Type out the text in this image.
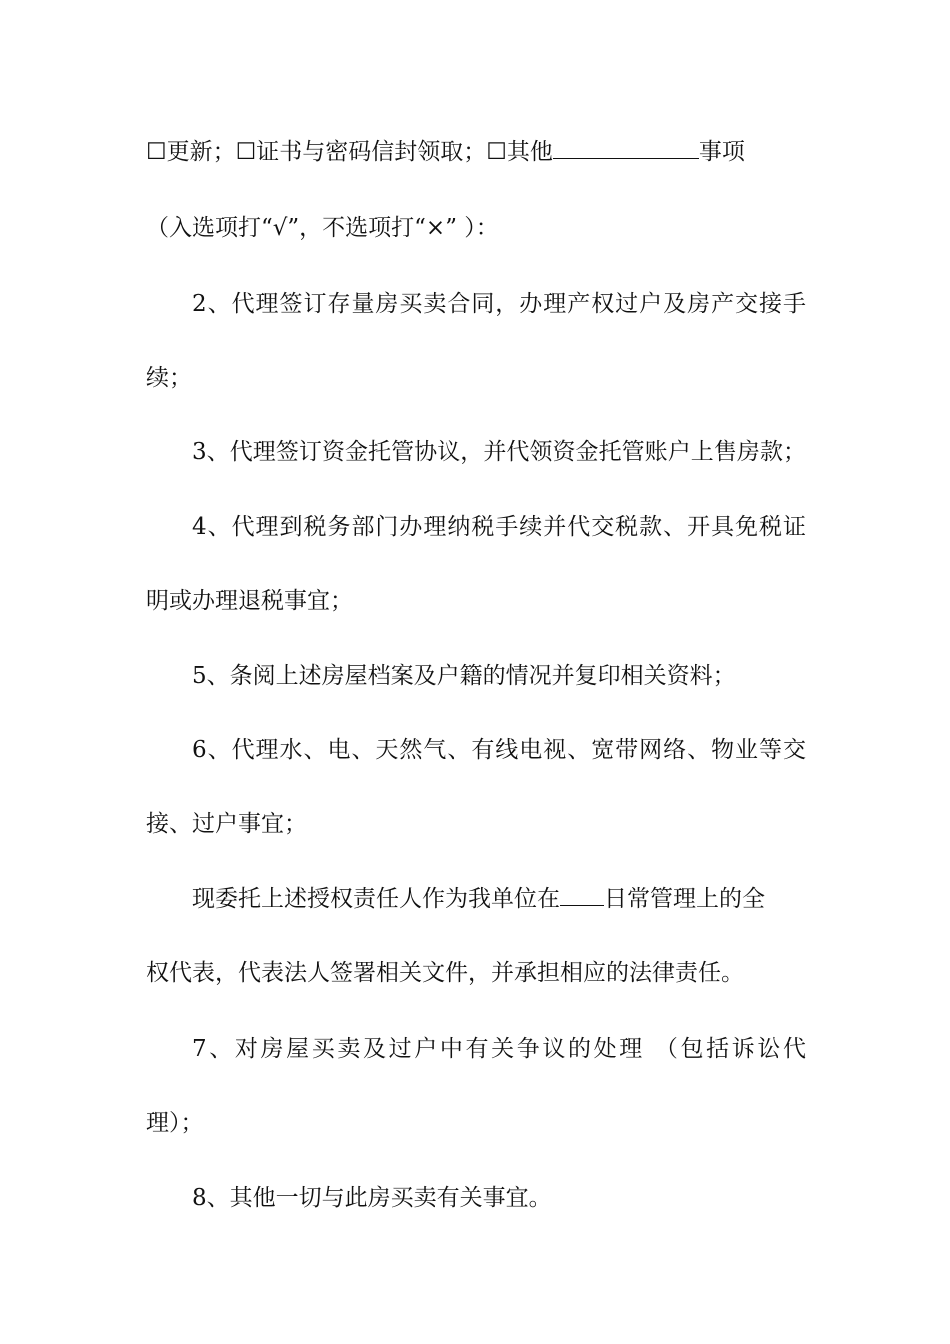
☐更新；☐证书与密码信封领取；☐其他	事项
（入选项打“√”，不选项打“×” ）：
2、代理签订存量房买卖合同，办理产权过户及房产交接手
续；
3、代理签订资金托管协议，并代领资金托管账户上售房款；
4、代理到税务部门办理纳税手续并代交税款、开具免税证
明或办理退税事宜；
5、条阅上述房屋档案及户籍的情况并复印相关资料；
6、代理水、电、天然气、有线电视、宽带网络、物业等交
接、过户事宜；
现委托上述授权责任人作为我单位在 日常管理上的全
权代表，代表法人签署相关文件，并承担相应的法律责任。
7、对房屋买卖及过户中有关争议的处理 （包括诉讼代
理）；
8、其他一切与此房买卖有关事宜。
